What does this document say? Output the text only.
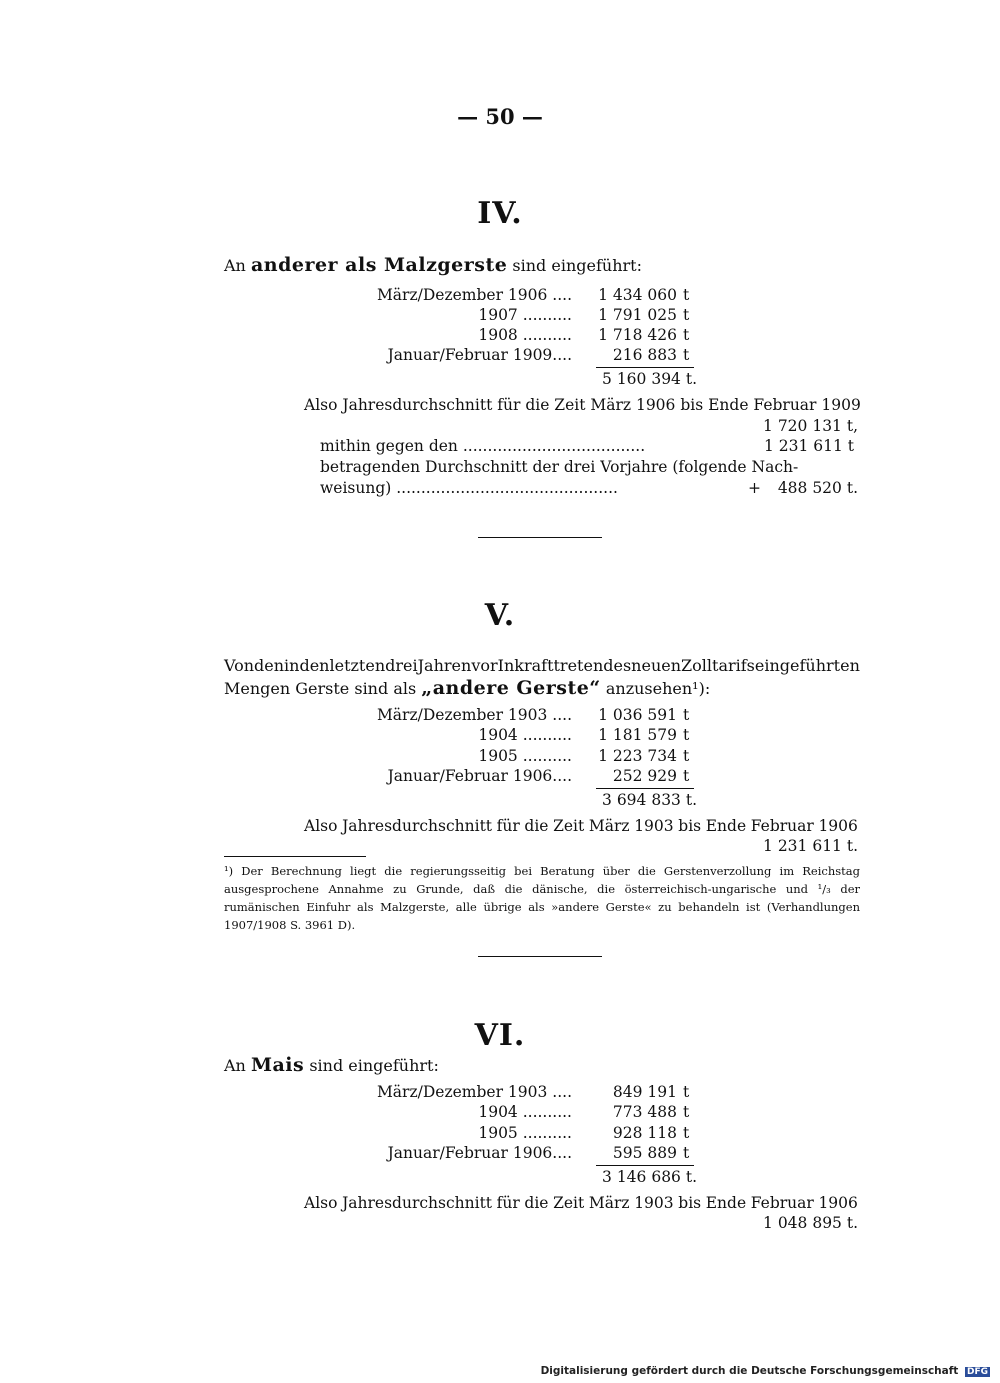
— 50 —
IV.
An anderer als Malzgerste sind eingeführt:
März/Dezember 1906 ....	1 434 060 t
1907 ..........	1 791 025 t
1908 ..........	1 718 426 t
Januar/Februar 1909....	216 883 t
5 160 394 t.
Also Jahresdurchschnitt für die Zeit März 1906 bis Ende Februar 1909
1 720 131 t,
mithin gegen den .....................................	1 231 611 t
betragenden Durchschnitt der drei Vorjahre (folgende Nach-
weisung) .............................................	+ 488 520 t.
V.
Von den in den letzten drei Jahren vor Inkrafttreten des neuen Zolltarifs eingeführten
Mengen Gerste sind als „andere Gerste“ anzusehen¹):
März/Dezember 1903 ....	1 036 591 t
1904 ..........	1 181 579 t
1905 ..........	1 223 734 t
Januar/Februar 1906....	252 929 t
3 694 833 t.
Also Jahresdurchschnitt für die Zeit März 1903 bis Ende Februar 1906
1 231 611 t.
¹) Der Berechnung liegt die regierungsseitig bei Beratung über die Gerstenverzollung im Reichstag ausgesprochene Annahme zu Grunde, daß die dänische, die österreichisch-ungarische und ¹/₃ der rumänischen Einfuhr als Malzgerste, alle übrige als »andere Gerste« zu behandeln ist (Verhandlungen 1907/1908 S. 3961 D).
VI.
An Mais sind eingeführt:
März/Dezember 1903 ....	849 191 t
1904 ..........	773 488 t
1905 ..........	928 118 t
Januar/Februar 1906....	595 889 t
3 146 686 t.
Also Jahresdurchschnitt für die Zeit März 1903 bis Ende Februar 1906
1 048 895 t.
Digitalisierung gefördert durch die Deutsche Forschungsgemeinschaft DFG
